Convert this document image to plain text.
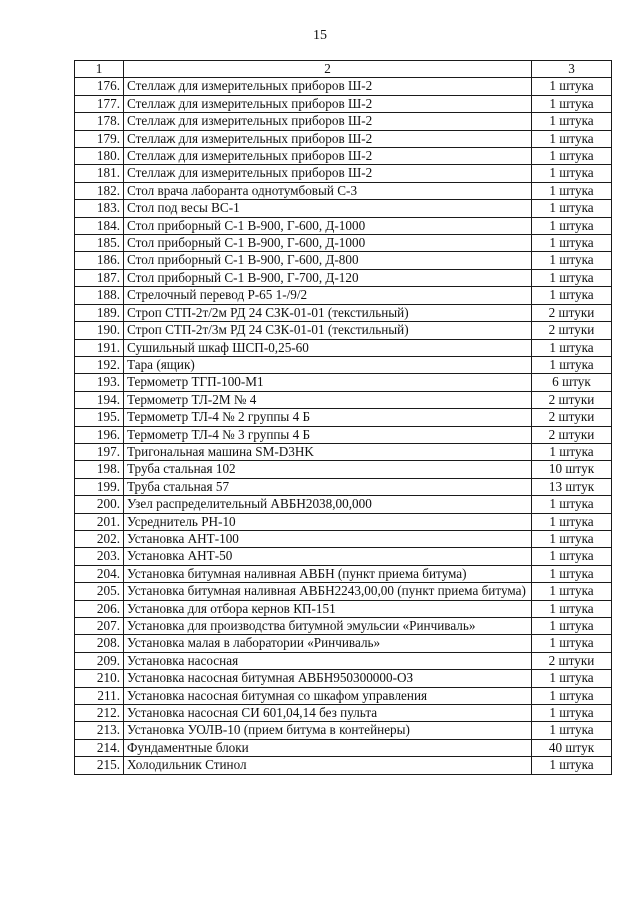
15
1	2	3
176.	Стеллаж для измерительных приборов Ш-2	1 штука
177.	Стеллаж для измерительных приборов Ш-2	1 штука
178.	Стеллаж для измерительных приборов Ш-2	1 штука
179.	Стеллаж для измерительных приборов Ш-2	1 штука
180.	Стеллаж для измерительных приборов Ш-2	1 штука
181.	Стеллаж для измерительных приборов Ш-2	1 штука
182.	Стол врача лаборанта однотумбовый С-3	1 штука
183.	Стол под весы ВС-1	1 штука
184.	Стол приборный С-1 В-900, Г-600, Д-1000	1 штука
185.	Стол приборный С-1 В-900, Г-600, Д-1000	1 штука
186.	Стол приборный С-1 В-900, Г-600, Д-800	1 штука
187.	Стол приборный С-1 В-900, Г-700, Д-120	1 штука
188.	Стрелочный перевод Р-65 1-/9/2	1 штука
189.	Строп СТП-2т/2м РД 24 СЗК-01-01 (текстильный)	2 штуки
190.	Строп СТП-2т/3м РД 24 СЗК-01-01 (текстильный)	2 штуки
191.	Сушильный шкаф ШСП-0,25-60	1 штука
192.	Тара (ящик)	1 штука
193.	Термометр ТГП-100-М1	6 штук
194.	Термометр ТЛ-2М № 4	2 штуки
195.	Термометр ТЛ-4 № 2 группы 4 Б	2 штуки
196.	Термометр ТЛ-4 № 3 группы 4 Б	2 штуки
197.	Тригональная машина SM-D3HK	1 штука
198.	Труба стальная 102	10 штук
199.	Труба стальная 57	13 штук
200.	Узел распределительный АВБН2038,00,000	1 штука
201.	Усреднитель РН-10	1 штука
202.	Установка АНТ-100	1 штука
203.	Установка АНТ-50	1 штука
204.	Установка битумная наливная АВБН (пункт приема битума)	1 штука
205.	Установка битумная наливная АВБН2243,00,00 (пункт приема битума)	1 штука
206.	Установка для отбора кернов КП-151	1 штука
207.	Установка для производства битумной эмульсии «Ринчиваль»	1 штука
208.	Установка малая в лаборатории «Ринчиваль»	1 штука
209.	Установка насосная	2 штуки
210.	Установка насосная битумная АВБН950300000-ОЗ	1 штука
211.	Установка насосная битумная со шкафом управления	1 штука
212.	Установка насосная СИ 601,04,14 без пульта	1 штука
213.	Установка УОЛВ-10 (прием битума в контейнеры)	1 штука
214.	Фундаментные блоки	40 штук
215.	Холодильник Стинол	1 штука
